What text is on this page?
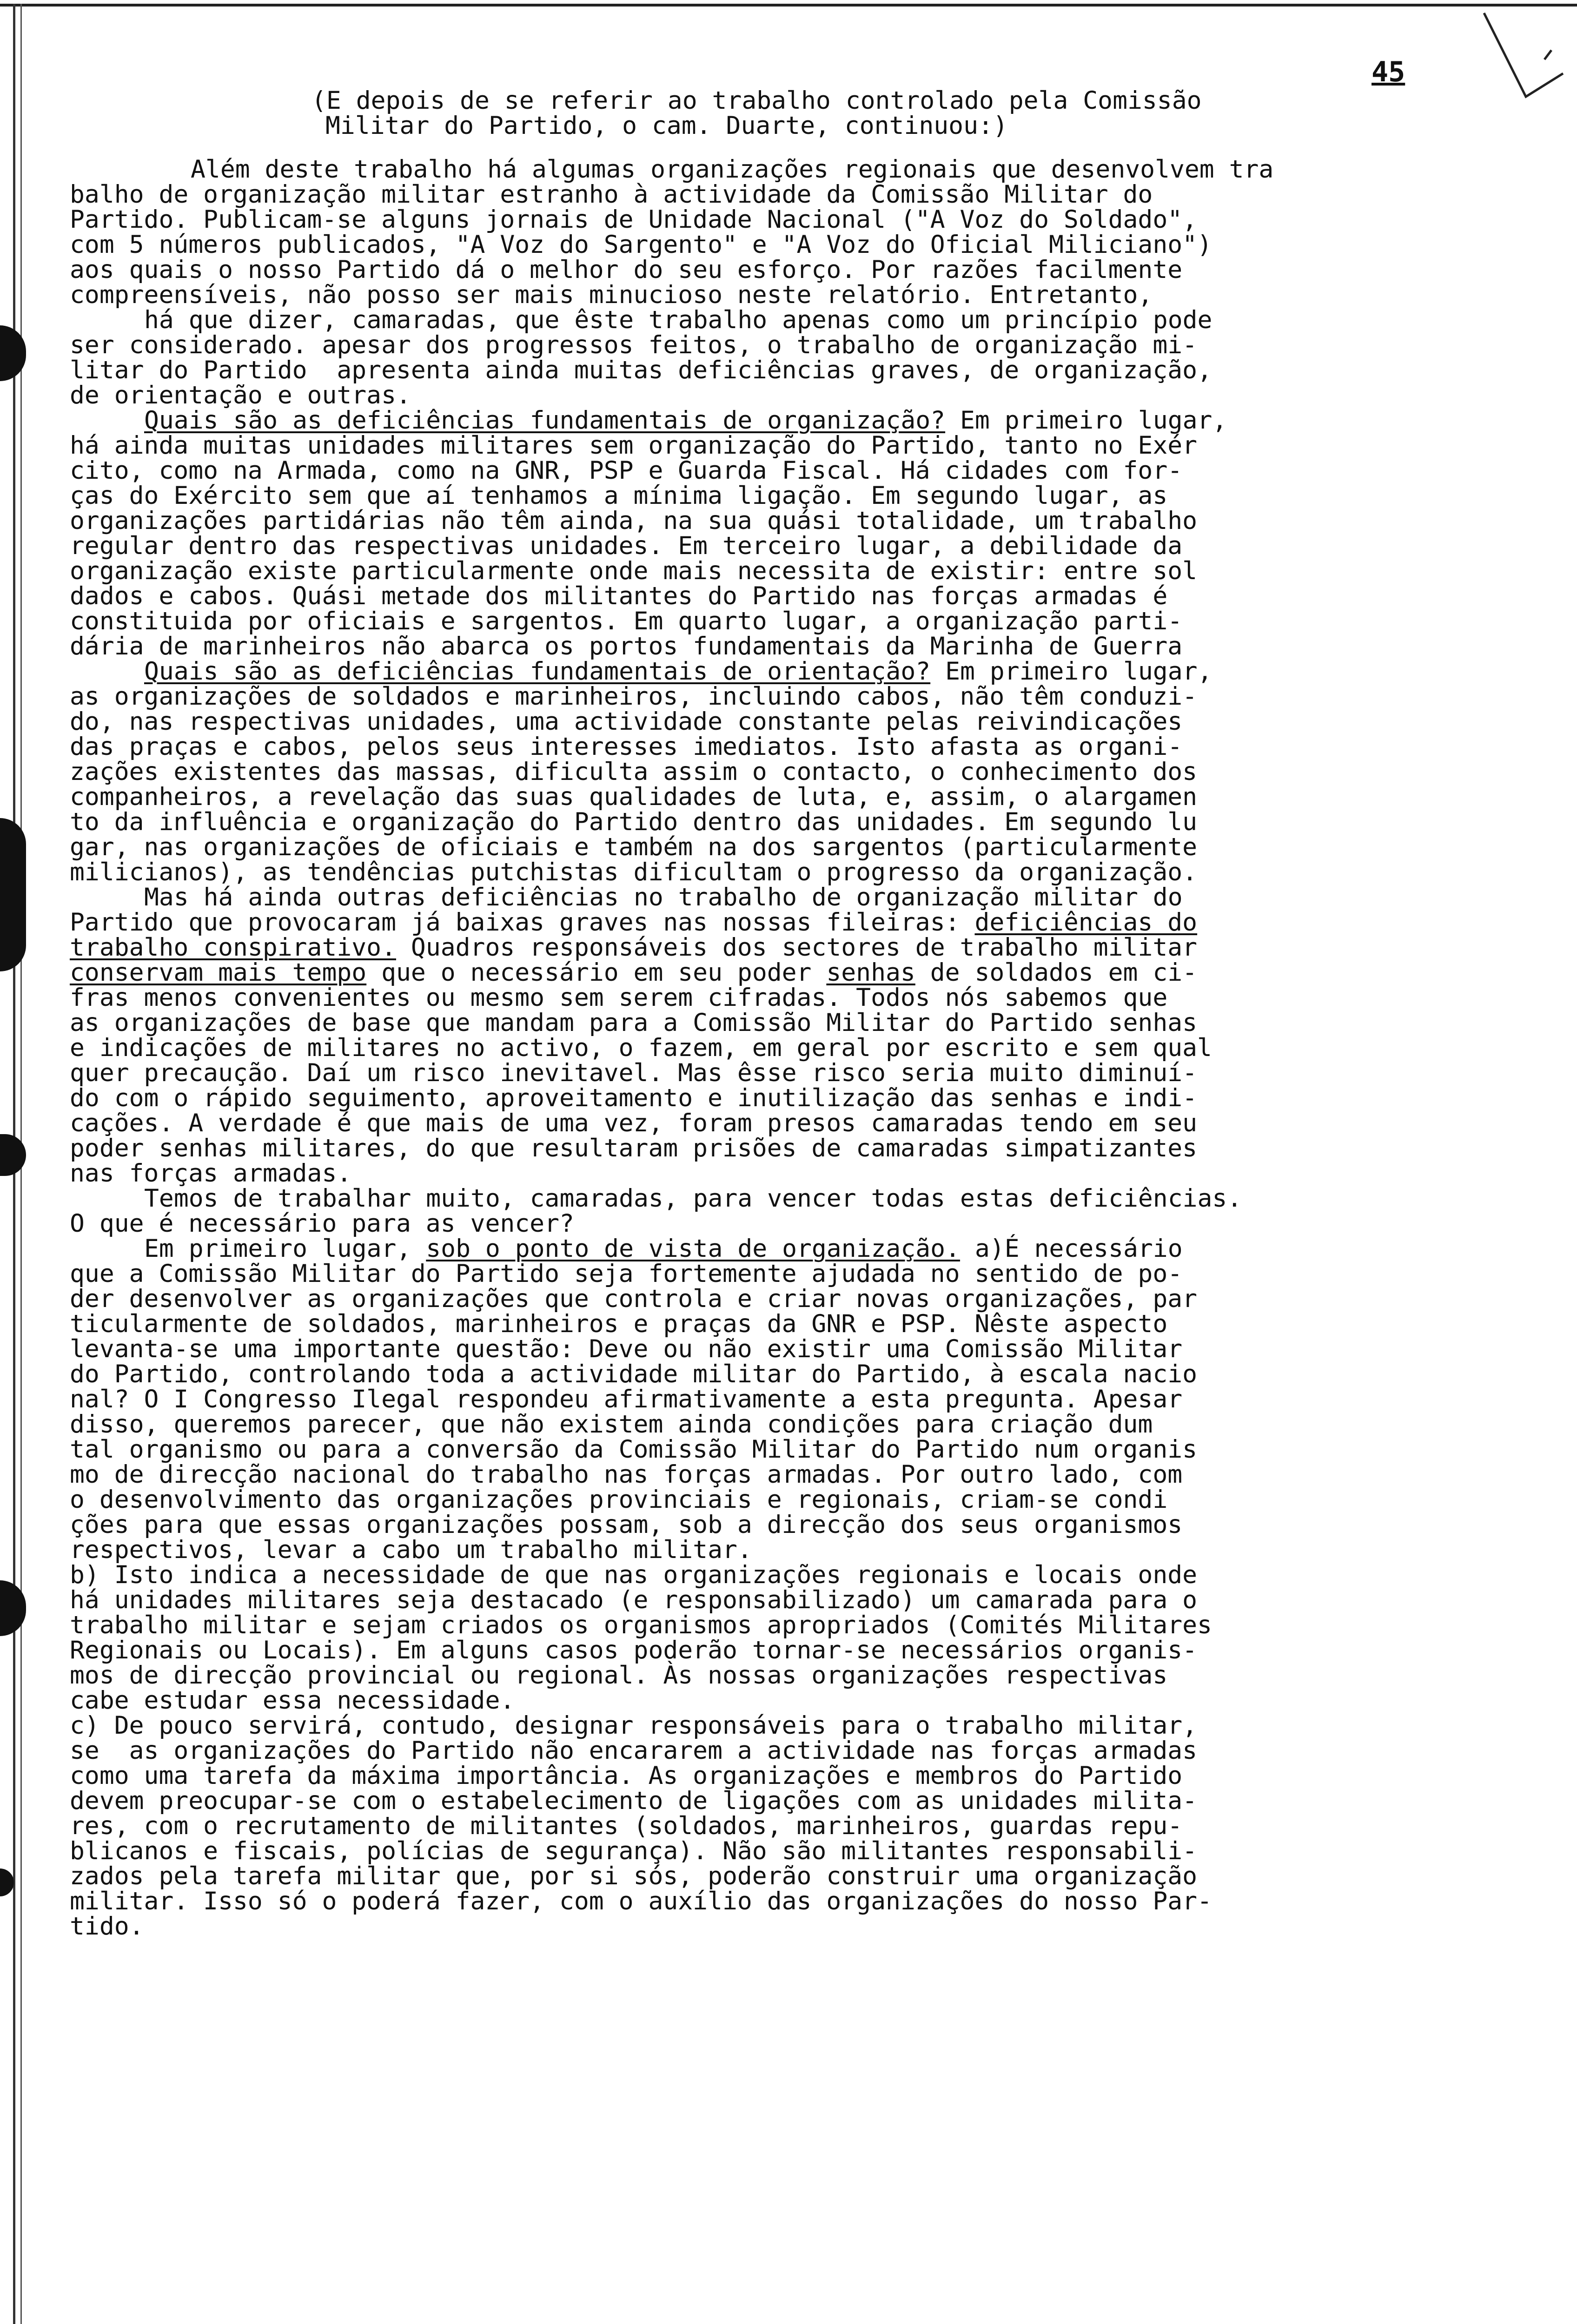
45
(E depois de se referir ao trabalho controlado pela Comissão
Militar do Partido, o cam. Duarte, continuou:)
Além deste trabalho há algumas organizações regionais que desenvolvem tra
balho de organização militar estranho à actividade da Comissão Militar do
Partido. Publicam-se alguns jornais de Unidade Nacional ("A Voz do Soldado",
com 5 números publicados, "A Voz do Sargento" e "A Voz do Oficial Miliciano")
aos quais o nosso Partido dá o melhor do seu esforço. Por razões facilmente
compreensíveis, não posso ser mais minucioso neste relatório. Entretanto,
há que dizer, camaradas, que êste trabalho apenas como um princípio pode
ser considerado. apesar dos progressos feitos, o trabalho de organização mi-
litar do Partido  apresenta ainda muitas deficiências graves, de organização,
de orientação e outras.
Quais são as deficiências fundamentais de organização? Em primeiro lugar,
há ainda muitas unidades militares sem organização do Partido, tanto no Exér
cito, como na Armada, como na GNR, PSP e Guarda Fiscal. Há cidades com for-
ças do Exército sem que aí tenhamos a mínima ligação. Em segundo lugar, as
organizações partidárias não têm ainda, na sua quási totalidade, um trabalho
regular dentro das respectivas unidades. Em terceiro lugar, a debilidade da
organização existe particularmente onde mais necessita de existir: entre sol
dados e cabos. Quási metade dos militantes do Partido nas forças armadas é
constituida por oficiais e sargentos. Em quarto lugar, a organização parti-
dária de marinheiros não abarca os portos fundamentais da Marinha de Guerra
Quais são as deficiências fundamentais de orientação? Em primeiro lugar,
as organizações de soldados e marinheiros, incluindo cabos, não têm conduzi-
do, nas respectivas unidades, uma actividade constante pelas reivindicações
das praças e cabos, pelos seus interesses imediatos. Isto afasta as organi-
zações existentes das massas, dificulta assim o contacto, o conhecimento dos
companheiros, a revelação das suas qualidades de luta, e, assim, o alargamen
to da influência e organização do Partido dentro das unidades. Em segundo lu
gar, nas organizações de oficiais e também na dos sargentos (particularmente
milicianos), as tendências putchistas dificultam o progresso da organização.
Mas há ainda outras deficiências no trabalho de organização militar do
Partido que provocaram já baixas graves nas nossas fileiras: deficiências do
trabalho conspirativo. Quadros responsáveis dos sectores de trabalho militar
conservam mais tempo que o necessário em seu poder senhas de soldados em ci-
fras menos convenientes ou mesmo sem serem cifradas. Todos nós sabemos que
as organizações de base que mandam para a Comissão Militar do Partido senhas
e indicações de militares no activo, o fazem, em geral por escrito e sem qual
quer precaução. Daí um risco inevitavel. Mas êsse risco seria muito diminuí-
do com o rápido seguimento, aproveitamento e inutilização das senhas e indi-
cações. A verdade é que mais de uma vez, foram presos camaradas tendo em seu
poder senhas militares, do que resultaram prisões de camaradas simpatizantes
nas forças armadas.
Temos de trabalhar muito, camaradas, para vencer todas estas deficiências.
O que é necessário para as vencer?
Em primeiro lugar, sob o ponto de vista de organização. a)É necessário
que a Comissão Militar do Partido seja fortemente ajudada no sentido de po-
der desenvolver as organizações que controla e criar novas organizações, par
ticularmente de soldados, marinheiros e praças da GNR e PSP. Nêste aspecto
levanta-se uma importante questão: Deve ou não existir uma Comissão Militar
do Partido, controlando toda a actividade militar do Partido, à escala nacio
nal? O I Congresso Ilegal respondeu afirmativamente a esta pregunta. Apesar
disso, queremos parecer, que não existem ainda condições para criação dum
tal organismo ou para a conversão da Comissão Militar do Partido num organis
mo de direcção nacional do trabalho nas forças armadas. Por outro lado, com
o desenvolvimento das organizações provinciais e regionais, criam-se condi
ções para que essas organizações possam, sob a direcção dos seus organismos
respectivos, levar a cabo um trabalho militar.
b) Isto indica a necessidade de que nas organizações regionais e locais onde
há unidades militares seja destacado (e responsabilizado) um camarada para o
trabalho militar e sejam criados os organismos apropriados (Comités Militares
Regionais ou Locais). Em alguns casos poderão tornar-se necessários organis-
mos de direcção provincial ou regional. Às nossas organizações respectivas
cabe estudar essa necessidade.
c) De pouco servirá, contudo, designar responsáveis para o trabalho militar,
se  as organizações do Partido não encararem a actividade nas forças armadas
como uma tarefa da máxima importância. As organizações e membros do Partido
devem preocupar-se com o estabelecimento de ligações com as unidades milita-
res, com o recrutamento de militantes (soldados, marinheiros, guardas repu-
blicanos e fiscais, polícias de segurança). Não são militantes responsabili-
zados pela tarefa militar que, por si sós, poderão construir uma organização
militar. Isso só o poderá fazer, com o auxílio das organizações do nosso Par-
tido.
